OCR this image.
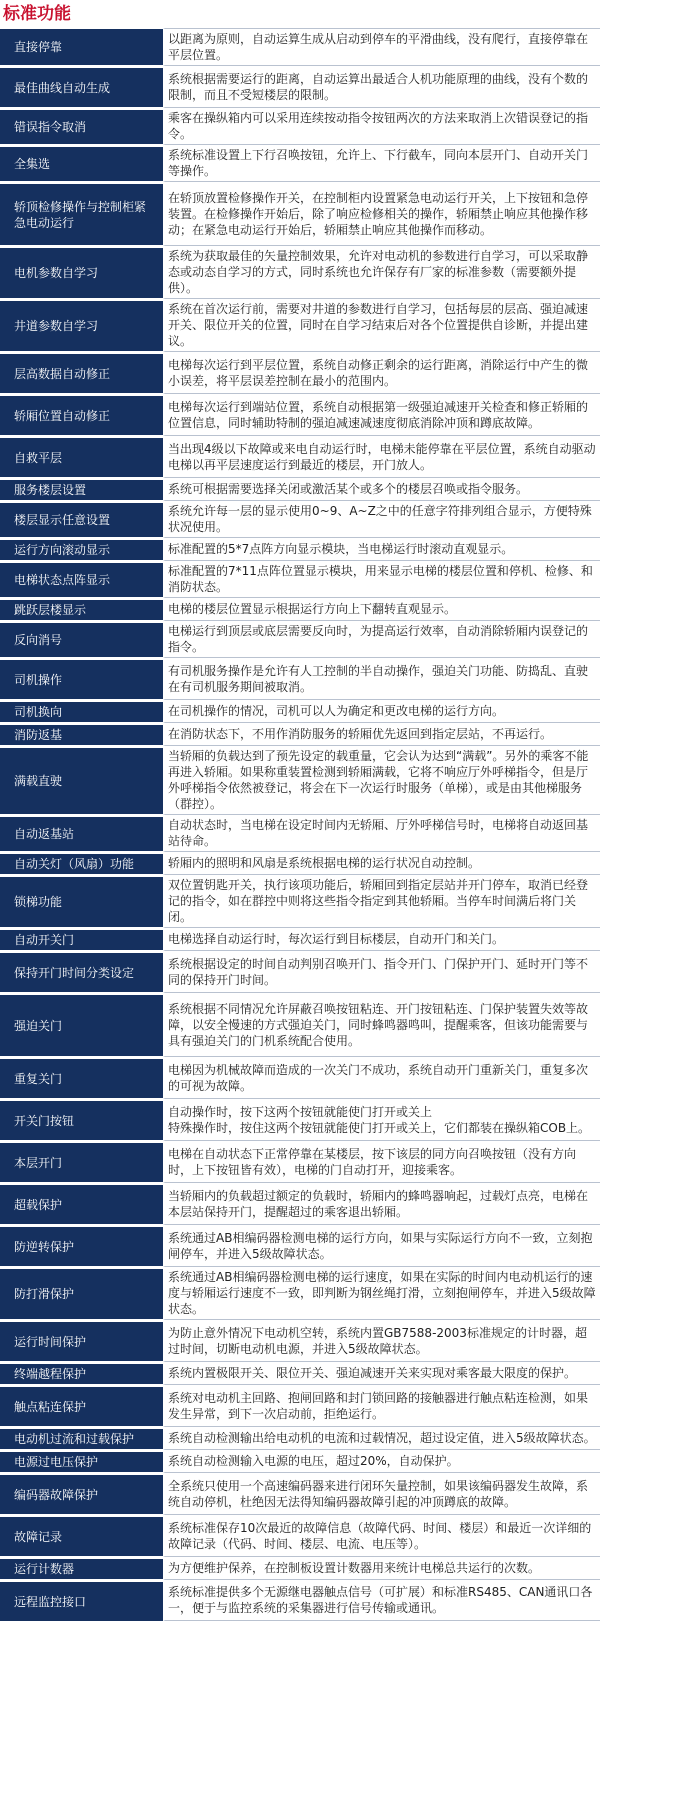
标准功能
直接停靠	以距离为原则，自动运算生成从启动到停车的平滑曲线，没有爬行，直接停靠在平层位置。
最佳曲线自动生成	系统根据需要运行的距离，自动运算出最适合人机功能原理的曲线，没有个数的限制，而且不受短楼层的限制。
错误指令取消	乘客在操纵箱内可以采用连续按动指令按钮两次的方法来取消上次错误登记的指令。
全集选	系统标准设置上下行召唤按钮，允许上、下行截车，同向本层开门、自动开关门等操作。
轿顶检修操作与控制柜紧急电动运行	在轿顶放置检修操作开关，在控制柜内设置紧急电动运行开关，上下按钮和急停装置。在检修操作开始后，除了响应检修相关的操作，轿厢禁止响应其他操作移动；在紧急电动运行开始后，轿厢禁止响应其他操作而移动。
电机参数自学习	系统为获取最佳的矢量控制效果，允许对电动机的参数进行自学习，可以采取静态或动态自学习的方式，同时系统也允许保存有厂家的标准参数（需要额外提供）。
井道参数自学习	系统在首次运行前，需要对井道的参数进行自学习，包括每层的层高、强迫减速开关、限位开关的位置，同时在自学习结束后对各个位置提供自诊断，并提出建议。
层高数据自动修正	电梯每次运行到平层位置，系统自动修正剩余的运行距离，消除运行中产生的微小误差，将平层误差控制在最小的范围内。
轿厢位置自动修正	电梯每次运行到端站位置，系统自动根据第一级强迫减速开关检查和修正轿厢的位置信息，同时辅助特制的强迫减速减速度彻底消除冲顶和蹲底故障。
自救平层	当出现4级以下故障或来电自动运行时，电梯未能停靠在平层位置，系统自动驱动电梯以再平层速度运行到最近的楼层，开门放人。
服务楼层设置	系统可根据需要选择关闭或激活某个或多个的楼层召唤或指令服务。
楼层显示任意设置	系统允许每一层的显示使用0~9、A~Z之中的任意字符排列组合显示，方便特殊状况使用。
运行方向滚动显示	标准配置的5*7点阵方向显示模块，当电梯运行时滚动直观显示。
电梯状态点阵显示	标准配置的7*11点阵位置显示模块，用来显示电梯的楼层位置和停机、检修、和消防状态。
跳跃层楼显示	电梯的楼层位置显示根据运行方向上下翻转直观显示。
反向消号	电梯运行到顶层或底层需要反向时，为提高运行效率，自动消除轿厢内误登记的指令。
司机操作	有司机服务操作是允许有人工控制的半自动操作，强迫关门功能、防捣乱、直驶在有司机服务期间被取消。
司机换向	在司机操作的情况，司机可以人为确定和更改电梯的运行方向。
消防返基	在消防状态下，不用作消防服务的轿厢优先返回到指定层站，不再运行。
满载直驶	当轿厢的负载达到了预先设定的载重量，它会认为达到“满载”。另外的乘客不能再进入轿厢。如果称重装置检测到轿厢满载，它将不响应厅外呼梯指令，但是厅外呼梯指令依然被登记，将会在下一次运行时服务（单梯），或是由其他梯服务（群控）。
自动返基站	自动状态时，当电梯在设定时间内无轿厢、厅外呼梯信号时，电梯将自动返回基站待命。
自动关灯（风扇）功能	轿厢内的照明和风扇是系统根据电梯的运行状况自动控制。
锁梯功能	双位置钥匙开关，执行该项功能后，轿厢回到指定层站并开门停车，取消已经登记的指令，如在群控中则将这些指令指定到其他轿厢。当停车时间满后将门关闭。
自动开关门	电梯选择自动运行时，每次运行到目标楼层，自动开门和关门。
保持开门时间分类设定	系统根据设定的时间自动判别召唤开门、指令开门、门保护开门、延时开门等不同的保持开门时间。
强迫关门	系统根据不同情况允许屏蔽召唤按钮粘连、开门按钮粘连、门保护装置失效等故障，以安全慢速的方式强迫关门，同时蜂鸣器鸣叫，提醒乘客，但该功能需要与具有强迫关门的门机系统配合使用。
重复关门	电梯因为机械故障而造成的一次关门不成功，系统自动开门重新关门，重复多次的可视为故障。
开关门按钮	自动操作时，按下这两个按钮就能使门打开或关上
特殊操作时，按住这两个按钮就能使门打开或关上，它们都装在操纵箱COB上。
本层开门	电梯在自动状态下正常停靠在某楼层，按下该层的同方向召唤按钮（没有方向时，上下按钮皆有效），电梯的门自动打开，迎接乘客。
超载保护	当轿厢内的负载超过额定的负载时，轿厢内的蜂鸣器响起，过载灯点亮，电梯在本层站保持开门，提醒超过的乘客退出轿厢。
防逆转保护	系统通过AB相编码器检测电梯的运行方向，如果与实际运行方向不一致，立刻抱闸停车，并进入5级故障状态。
防打滑保护	系统通过AB相编码器检测电梯的运行速度，如果在实际的时间内电动机运行的速度与轿厢运行速度不一致，即判断为钢丝绳打滑，立刻抱闸停车，并进入5级故障状态。
运行时间保护	为防止意外情况下电动机空转，系统内置GB7588-2003标准规定的计时器，超过时间，切断电动机电源，并进入5级故障状态。
终端越程保护	系统内置极限开关、限位开关、强迫减速开关来实现对乘客最大限度的保护。
触点粘连保护	系统对电动机主回路、抱闸回路和封门锁回路的接触器进行触点粘连检测，如果发生异常，到下一次启动前，拒绝运行。
电动机过流和过载保护	系统自动检测输出给电动机的电流和过载情况，超过设定值，进入5级故障状态。
电源过电压保护	系统自动检测输入电源的电压，超过20%，自动保护。
编码器故障保护	全系统只使用一个高速编码器来进行闭环矢量控制，如果该编码器发生故障，系统自动停机，杜绝因无法得知编码器故障引起的冲顶蹲底的故障。
故障记录	系统标准保存10次最近的故障信息（故障代码、时间、楼层）和最近一次详细的故障记录（代码、时间、楼层、电流、电压等）。
运行计数器	为方便维护保养，在控制板设置计数器用来统计电梯总共运行的次数。
远程监控接口	系统标准提供多个无源继电器触点信号（可扩展）和标准RS485、CAN通讯口各一，便于与监控系统的采集器进行信号传输或通讯。
